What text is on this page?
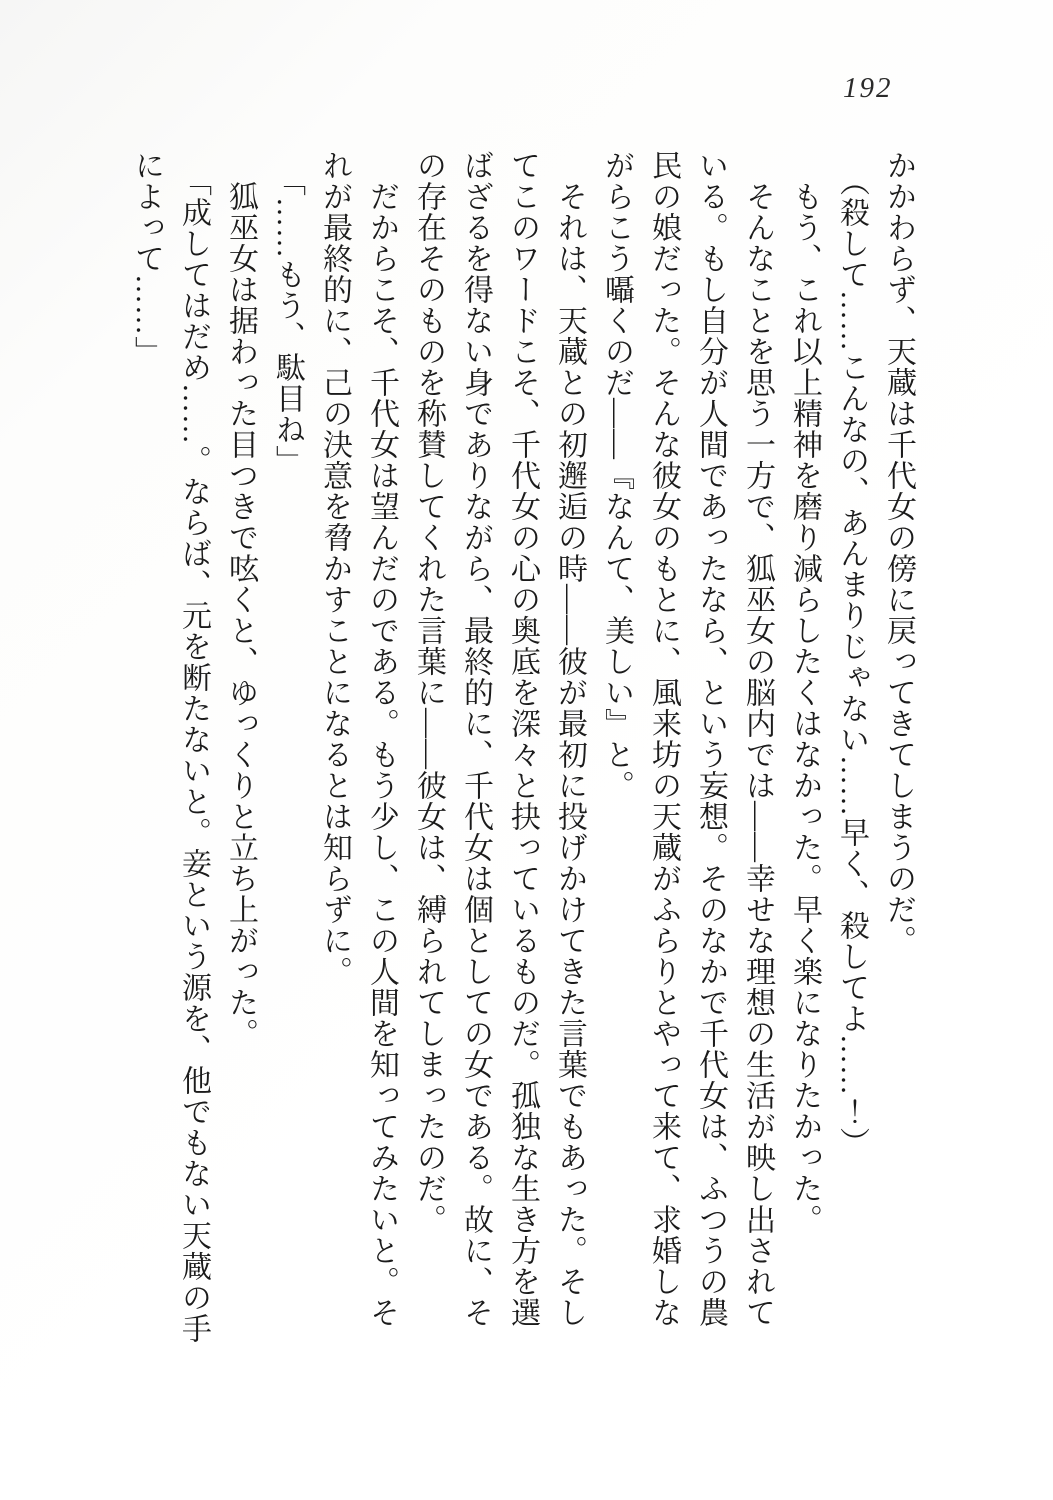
192

かかわらず、天蔵は千代女の傍に戻ってきてしまうのだ。

（殺して……こんなの、あんまりじゃない……早く、殺してよ……！）

もう、これ以上精神を磨り減らしたくはなかった。早く楽になりたかった。

そんなことを思う一方で、狐巫女の脳内では――幸せな理想の生活が映し出されて

いる。もし自分が人間であったなら、という妄想。そのなかで千代女は、ふつうの農

民の娘だった。そんな彼女のもとに、風来坊の天蔵がふらりとやって来て、求婚しな

がらこう囁くのだ――『なんて、美しい』と。

それは、天蔵との初邂逅の時――彼が最初に投げかけてきた言葉でもあった。そし

てこのワードこそ、千代女の心の奥底を深々と抉っているものだ。孤独な生き方を選

ばざるを得ない身でありながら、最終的に、千代女は個としての女である。故に、そ

の存在そのものを称賛してくれた言葉に――彼女は、縛られてしまったのだ。

だからこそ、千代女は望んだのである。もう少し、この人間を知ってみたいと。そ

れが最終的に、己の決意を脅かすことになるとは知らずに。

「……もう、駄目ね」

狐巫女は据わった目つきで呟くと、ゆっくりと立ち上がった。

「成してはだめ……。ならば、元を断たないと。妾という源を、他でもない天蔵の手

によって……」
